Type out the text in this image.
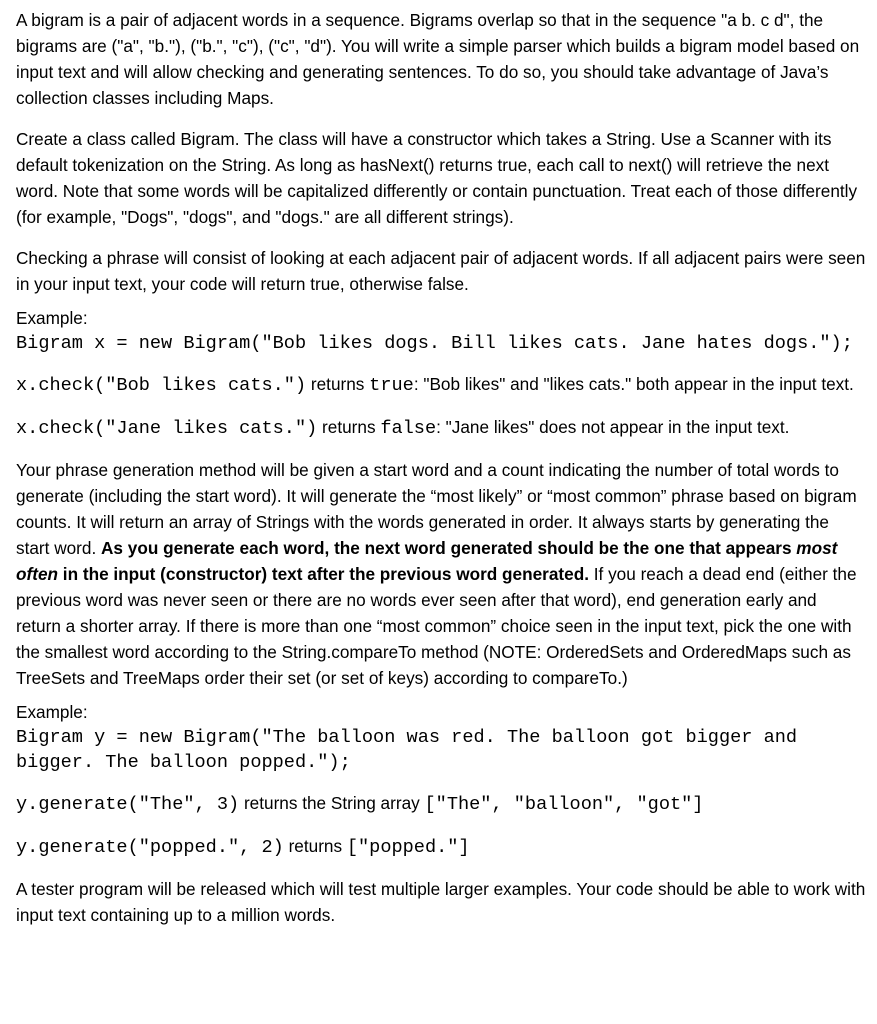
A bigram is a pair of adjacent words in a sequence. Bigrams overlap so that in the sequence "a b. c d", the bigrams are ("a", "b."), ("b.", "c"), ("c", "d"). You will write a simple parser which builds a bigram model based on input text and will allow checking and generating sentences. To do so, you should take advantage of Java’s collection classes including Maps.

Create a class called Bigram. The class will have a constructor which takes a String. Use a Scanner with its default tokenization on the String. As long as hasNext() returns true, each call to next() will retrieve the next word. Note that some words will be capitalized differently or contain punctuation. Treat each of those differently (for example, "Dogs", "dogs", and "dogs." are all different strings).

Checking a phrase will consist of looking at each adjacent pair of adjacent words. If all adjacent pairs were seen in your input text, your code will return true, otherwise false.

Example:

Bigram x = new Bigram("Bob likes dogs. Bill likes cats. Jane hates dogs.");

x.check("Bob likes cats.") returns true: "Bob likes" and "likes cats." both appear in the input text.

x.check("Jane likes cats.") returns false: "Jane likes" does not appear in the input text.

Your phrase generation method will be given a start word and a count indicating the number of total words to generate (including the start word). It will generate the “most likely” or “most common” phrase based on bigram counts. It will return an array of Strings with the words generated in order. It always starts by generating the start word. As you generate each word, the next word generated should be the one that appears most often in the input (constructor) text after the previous word generated. If you reach a dead end (either the previous word was never seen or there are no words ever seen after that word), end generation early and return a shorter array. If there is more than one “most common” choice seen in the input text, pick the one with the smallest word according to the String.compareTo method (NOTE: OrderedSets and OrderedMaps such as TreeSets and TreeMaps order their set (or set of keys) according to compareTo.)

Example:

Bigram y = new Bigram("The balloon was red. The balloon got bigger and bigger. The balloon popped.");

y.generate("The", 3) returns the String array ["The", "balloon", "got"]

y.generate("popped.", 2) returns ["popped."]

A tester program will be released which will test multiple larger examples. Your code should be able to work with input text containing up to a million words.
